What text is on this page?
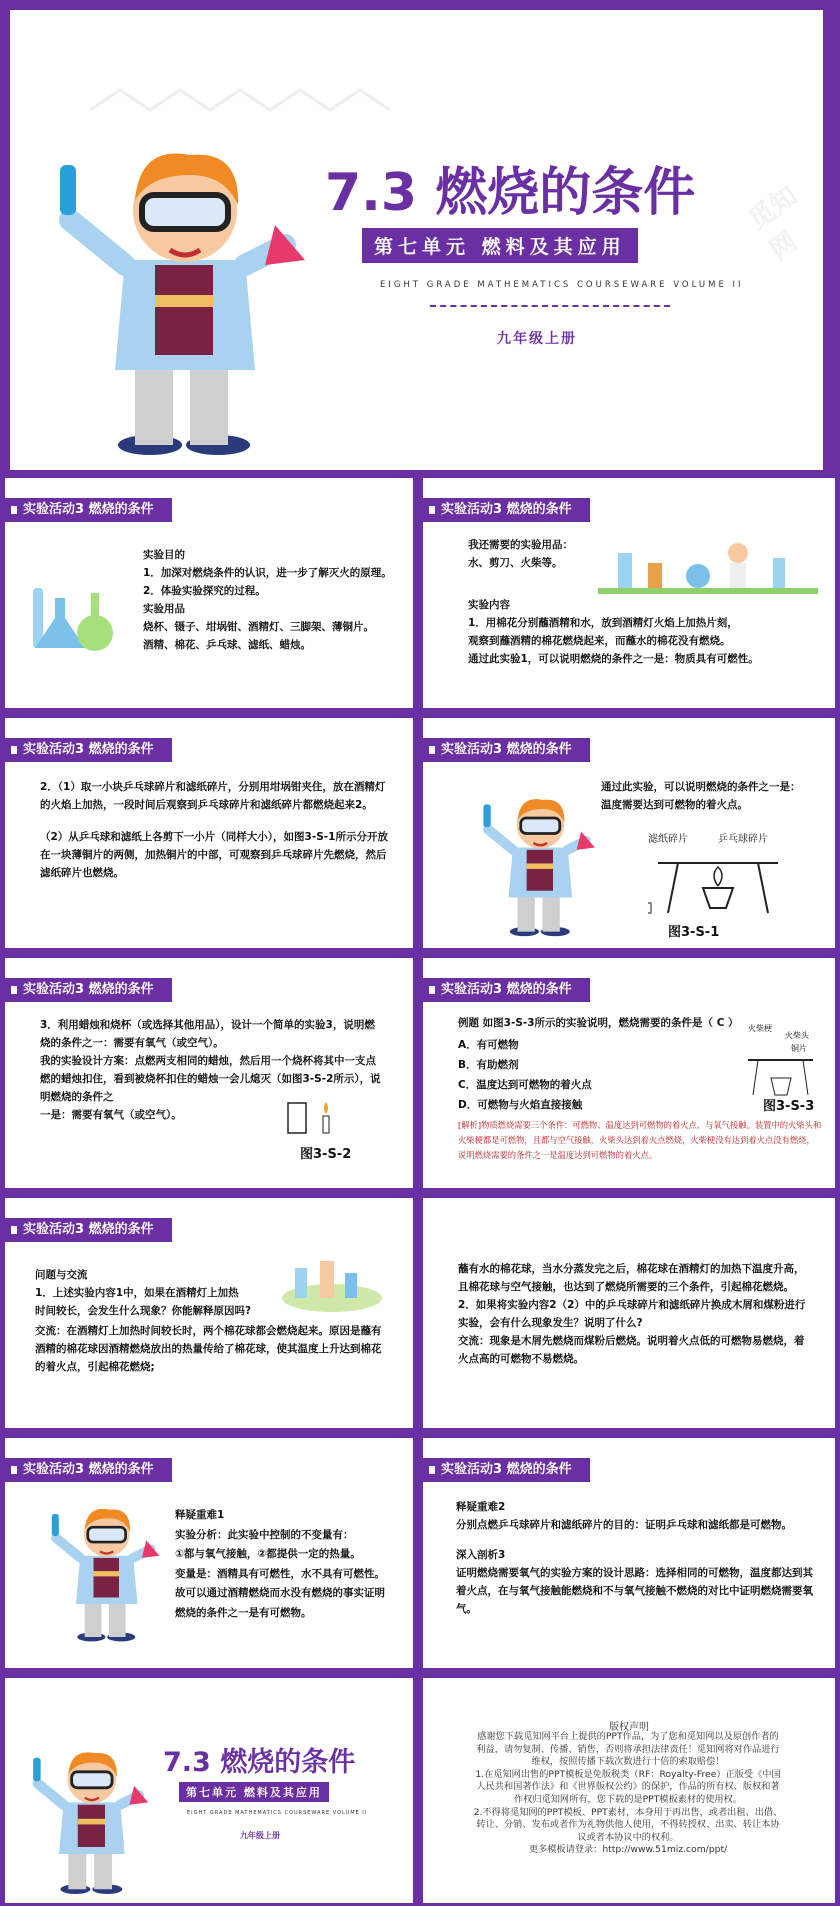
7.3 燃烧的条件
第七单元 燃料及其应用
EIGHT GRADE MATHEMATICS COURSEWARE VOLUME II
九年级上册
觅知网
实验活动3 燃烧的条件

实验目的

1．加深对燃烧条件的认识，进一步了解灭火的原理。

2．体验实验探究的过程。

实验用品

烧杯、镊子、坩埚钳、酒精灯、三脚架、薄铜片。

酒精、棉花、乒乓球、滤纸、蜡烛。

实验活动3 燃烧的条件

我还需要的实验用品：

水、剪刀、火柴等。

实验内容

1．用棉花分别蘸酒精和水，放到酒精灯火焰上加热片刻，

观察到蘸酒精的棉花燃烧起来，而蘸水的棉花没有燃烧。

通过此实验1，可以说明燃烧的条件之一是：物质具有可燃性。

实验活动3 燃烧的条件

2．（1）取一小块乒乓球碎片和滤纸碎片，分别用坩埚钳夹住，放在酒精灯的火焰上加热，一段时间后观察到乒乓球碎片和滤纸碎片都燃烧起来2。

（2）从乒乓球和滤纸上各剪下一小片（同样大小），如图3-S-1所示分开放在一块薄铜片的两侧，加热铜片的中部，可观察到乒乓球碎片先燃烧，然后滤纸碎片也燃烧。

实验活动3 燃烧的条件

通过此实验，可以说明燃烧的条件之一是：

温度需要达到可燃物的着火点。

滤纸碎片	乒乓球碎片
图3-S-1
实验活动3 燃烧的条件

3．利用蜡烛和烧杯（或选择其他用品），设计一个简单的实验3，说明燃烧的条件之一：需要有氧气（或空气）。

我的实验设计方案：点燃两支相同的蜡烛，然后用一个烧杯将其中一支点燃的蜡烛扣住，看到被烧杯扣住的蜡烛一会儿熄灭（如图3-S-2所示），说明燃烧的条件之

一是：需要有氧气（或空气）。

图3-S-2
实验活动3 燃烧的条件
例题 如图3-S-3所示的实验说明，燃烧需要的条件是（ C ）

A．有可燃物

B．有助燃剂

C．温度达到可燃物的着火点

D．可燃物与火焰直接接触

火柴梗
火柴头
铜片
图3-S-3
[解析]物质燃烧需要三个条件：可燃物、温度达到可燃物的着火点、与氧气接触。装置中的火柴头和火柴梗都是可燃物，且都与空气接触，火柴头达到着火点燃烧，火柴梗没有达到着火点没有燃烧，说明燃烧需要的条件之一是温度达到可燃物的着火点。
实验活动3 燃烧的条件

问题与交流

1．上述实验内容1中，如果在酒精灯上加热

时间较长，会发生什么现象？你能解释原因吗?

交流：在酒精灯上加热时间较长时，两个棉花球都会燃烧起来。原因是蘸有酒精的棉花球因酒精燃烧放出的热量传给了棉花球，使其温度上升达到棉花的着火点，引起棉花燃烧;

蘸有水的棉花球，当水分蒸发完之后，棉花球在酒精灯的加热下温度升高，且棉花球与空气接触，也达到了燃烧所需要的三个条件，引起棉花燃烧。

2．如果将实验内容2（2）中的乒乓球碎片和滤纸碎片换成木屑和煤粉进行实验，会有什么现象发生？说明了什么?

交流：现象是木屑先燃烧而煤粉后燃烧。说明着火点低的可燃物易燃烧，着火点高的可燃物不易燃烧。

实验活动3 燃烧的条件

释疑重难1

实验分析：此实验中控制的不变量有：

①都与氧气接触，②都提供一定的热量。

变量是：酒精具有可燃性，水不具有可燃性。

故可以通过酒精燃烧而水没有燃烧的事实证明

燃烧的条件之一是有可燃物。

实验活动3 燃烧的条件

释疑重难2

分别点燃乒乓球碎片和滤纸碎片的目的：证明乒乓球和滤纸都是可燃物。

深入剖析3

证明燃烧需要氧气的实验方案的设计思路：选择相同的可燃物，温度都达到其着火点，在与氧气接触能燃烧和不与氧气接触不燃烧的对比中证明燃烧需要氧气。

7.3 燃烧的条件
第七单元 燃料及其应用
EIGHT GRADE MATHEMATICS COURSEWARE VOLUME II
九年级上册
版权声明

感谢您下载觅知网平台上提供的PPT作品，为了您和觅知网以及原创作者的利益，请勿复制、传播、销售，否则将承担法律责任！觅知网将对作品进行维权，按照传播下载次数进行十倍的索取赔偿！

1.在觅知网出售的PPT模板是免版税类（RF：Royalty-Free）正版受《中国人民共和国著作法》和《世界版权公约》的保护，作品的所有权、版权和著作权归觅知网所有，您下载的是PPT模板素材的使用权。

2.不得将觅知网的PPT模板、PPT素材，本身用于再出售，或者出租、出借、转让、分销、发布或者作为礼物供他人使用，不得转授权、出卖、转让本协议或者本协议中的权利。

更多模板请登录：http://www.51miz.com/ppt/
